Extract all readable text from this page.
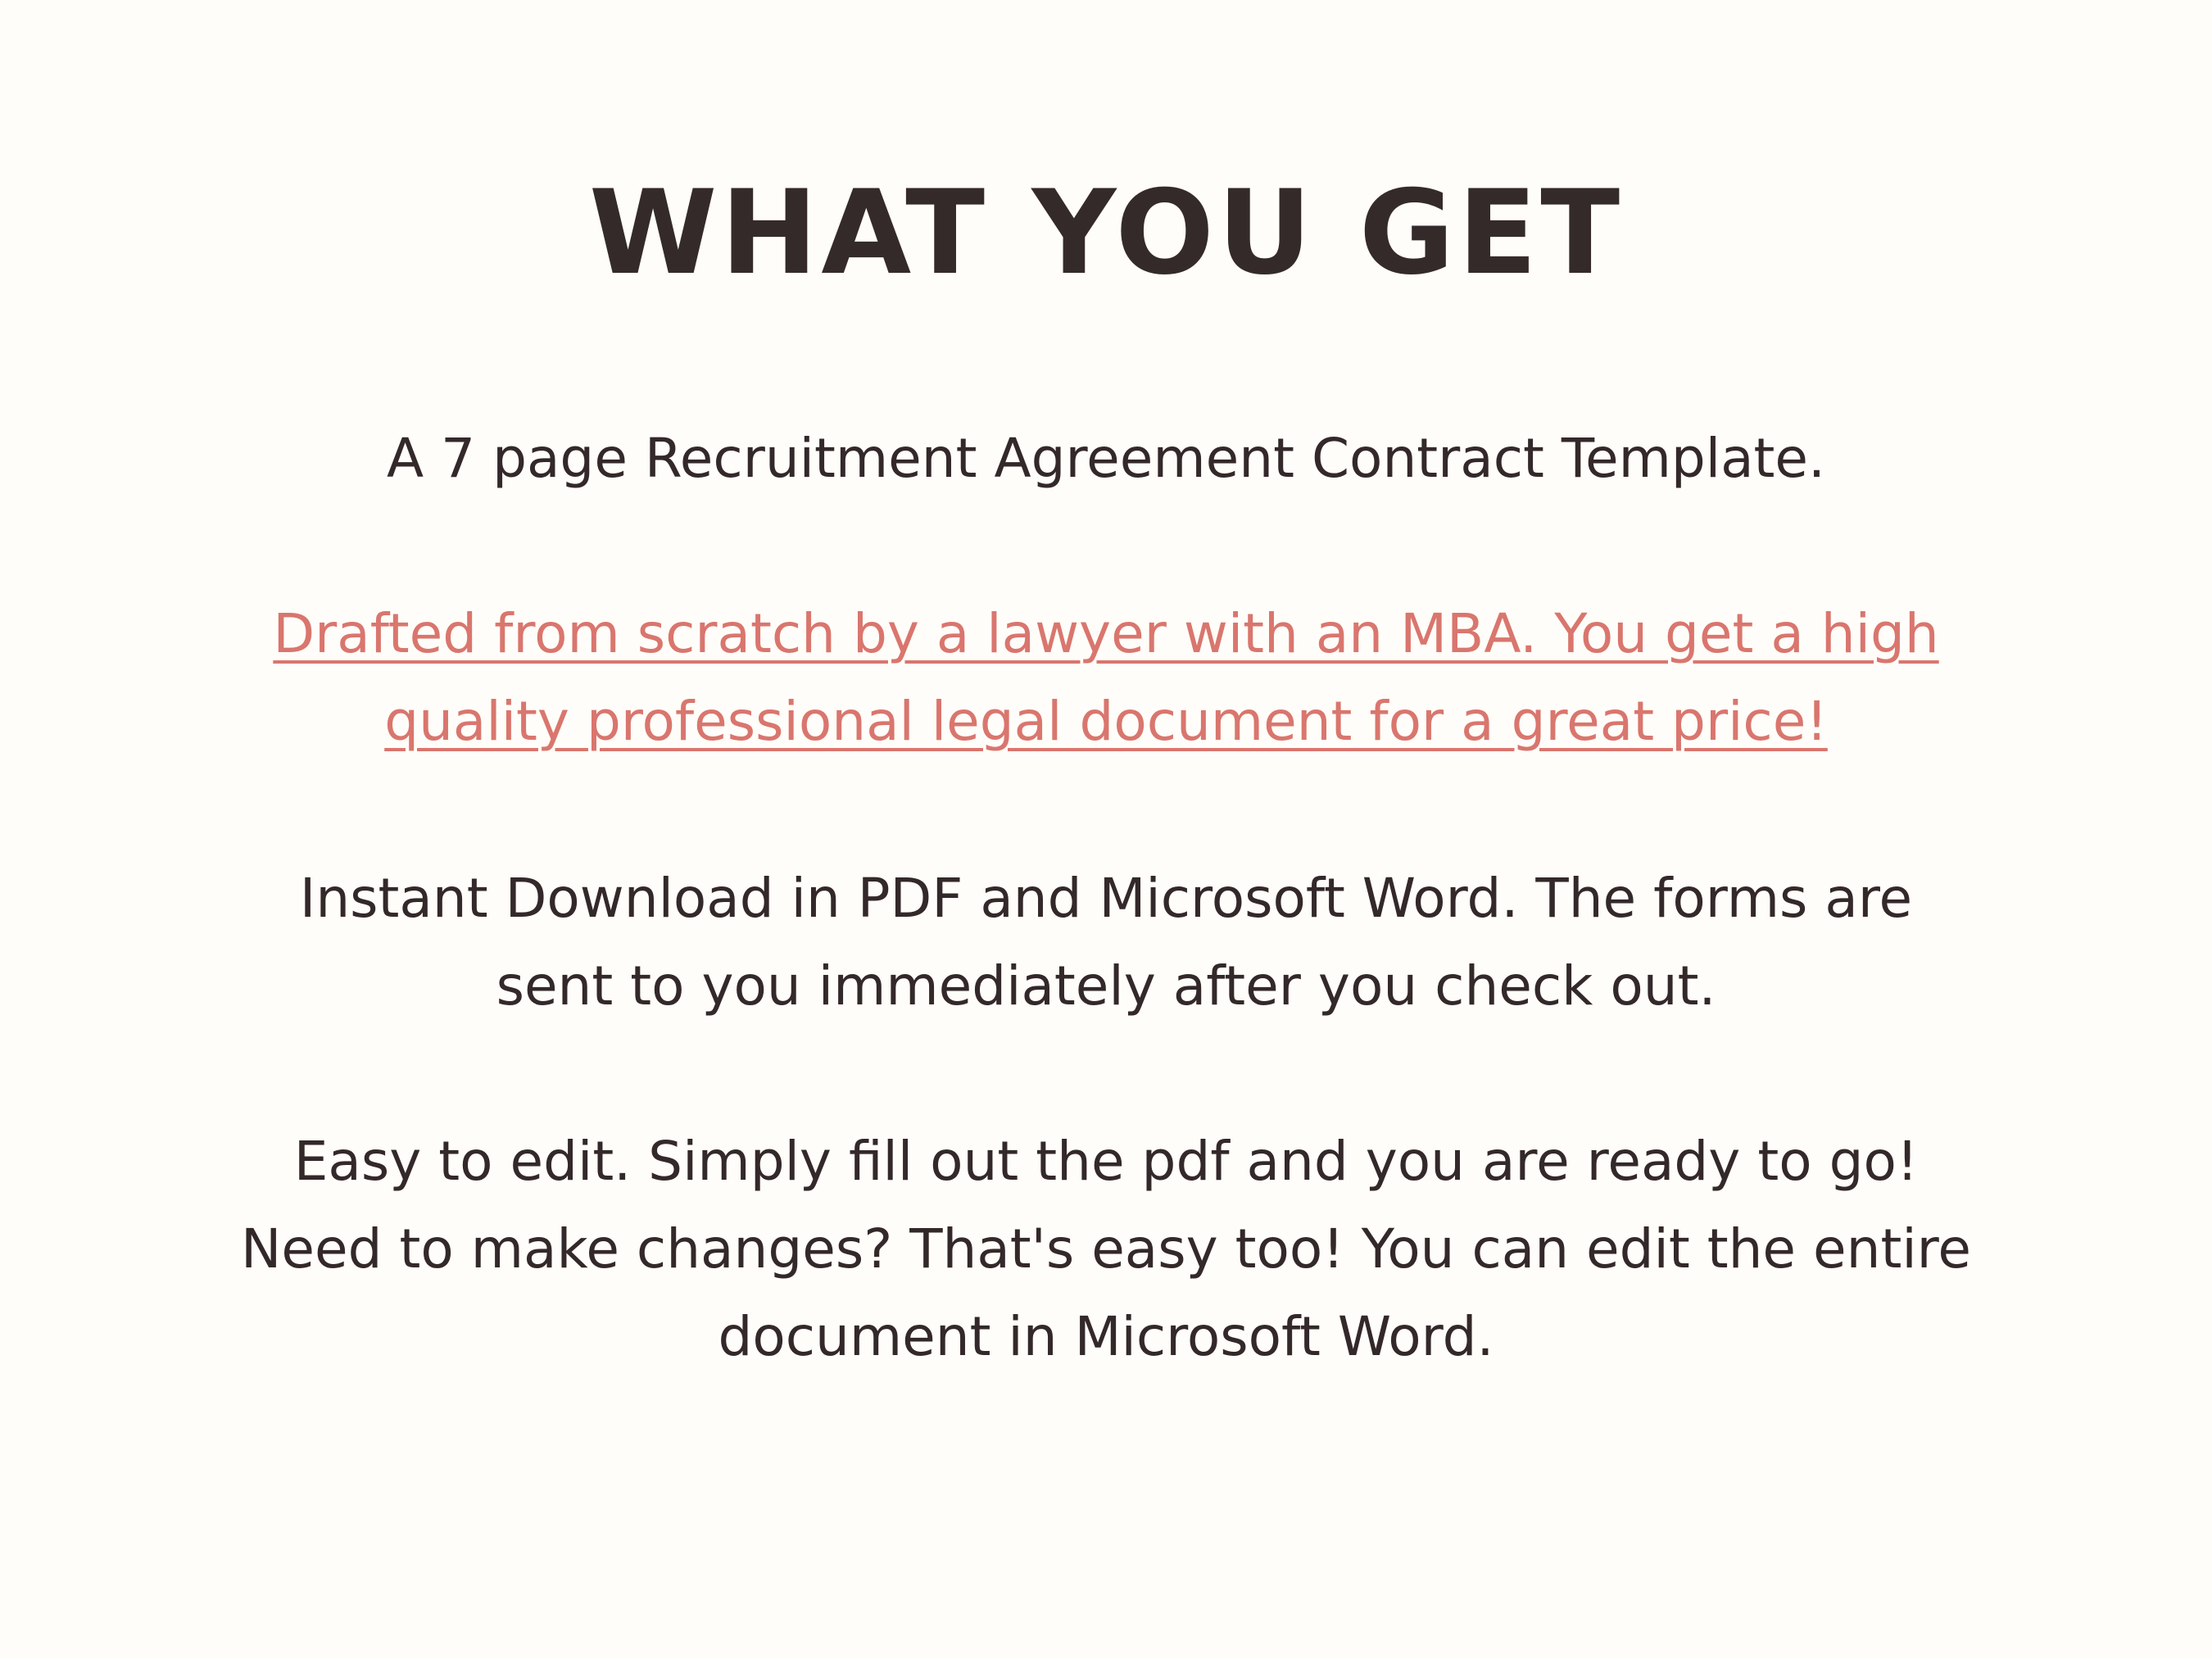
WHAT YOU GET
A 7 page Recruitment Agreement Contract Template.
Drafted from scratch by a lawyer with an MBA. You get a high
quality professional legal document for a great price!
Instant Download in PDF and Microsoft Word. The forms are
sent to you immediately after you check out.
Easy to edit. Simply fill out the pdf and you are ready to go!
Need to make changes? That's easy too! You can edit the entire
document in Microsoft Word.
